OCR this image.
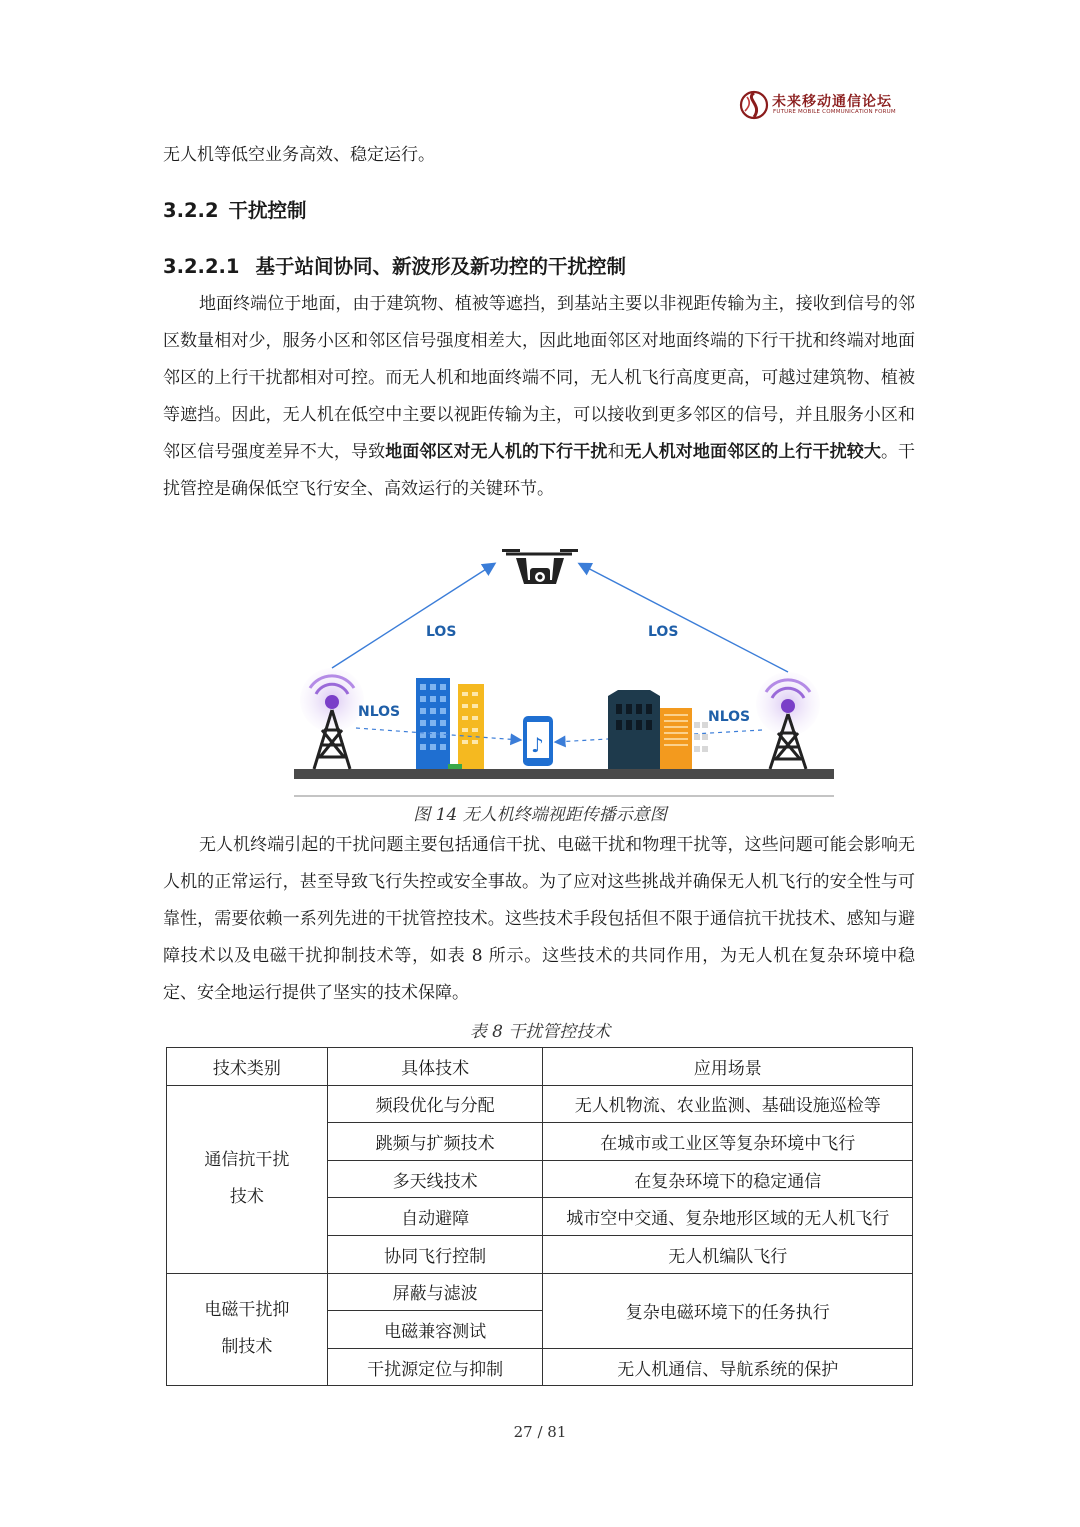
未来移动通信论坛
FUTURE MOBILE COMMUNICATION FORUM

无人机等低空业务高效、稳定运行。

3.2.2 干扰控制
3.2.2.1 基于站间协同、新波形及新功控的干扰控制

地面终端位于地面，由于建筑物、植被等遮挡，到基站主要以非视距传输为主，接收到信号的邻区数量相对少，服务小区和邻区信号强度相差大，因此地面邻区对地面终端的下行干扰和终端对地面邻区的上行干扰都相对可控。而无人机和地面终端不同，无人机飞行高度更高，可越过建筑物、植被等遮挡。因此，无人机在低空中主要以视距传输为主，可以接收到更多邻区的信号，并且服务小区和邻区信号强度差异不大，导致地面邻区对无人机的下行干扰和无人机对地面邻区的上行干扰较大。干扰管控是确保低空飞行安全、高效运行的关键环节。

LOS	LOS
NLOS	NLOS
♪
图 14 无人机终端视距传播示意图

无人机终端引起的干扰问题主要包括通信干扰、电磁干扰和物理干扰等，这些问题可能会影响无人机的正常运行，甚至导致飞行失控或安全事故。为了应对这些挑战并确保无人机飞行的安全性与可靠性，需要依赖一系列先进的干扰管控技术。这些技术手段包括但不限于通信抗干扰技术、感知与避障技术以及电磁干扰抑制技术等，如表 8 所示。这些技术的共同作用，为无人机在复杂环境中稳定、安全地运行提供了坚实的技术保障。

表 8 干扰管控技术
技术类别	具体技术	应用场景
通信抗干扰
技术	频段优化与分配	无人机物流、农业监测、基础设施巡检等
	跳频与扩频技术	在城市或工业区等复杂环境中飞行
	多天线技术	在复杂环境下的稳定通信
	自动避障	城市空中交通、复杂地形区域的无人机飞行
	协同飞行控制	无人机编队飞行
电磁干扰抑
制技术	屏蔽与滤波	复杂电磁环境下的任务执行
	电磁兼容测试	
	干扰源定位与抑制	无人机通信、导航系统的保护
27 / 81
